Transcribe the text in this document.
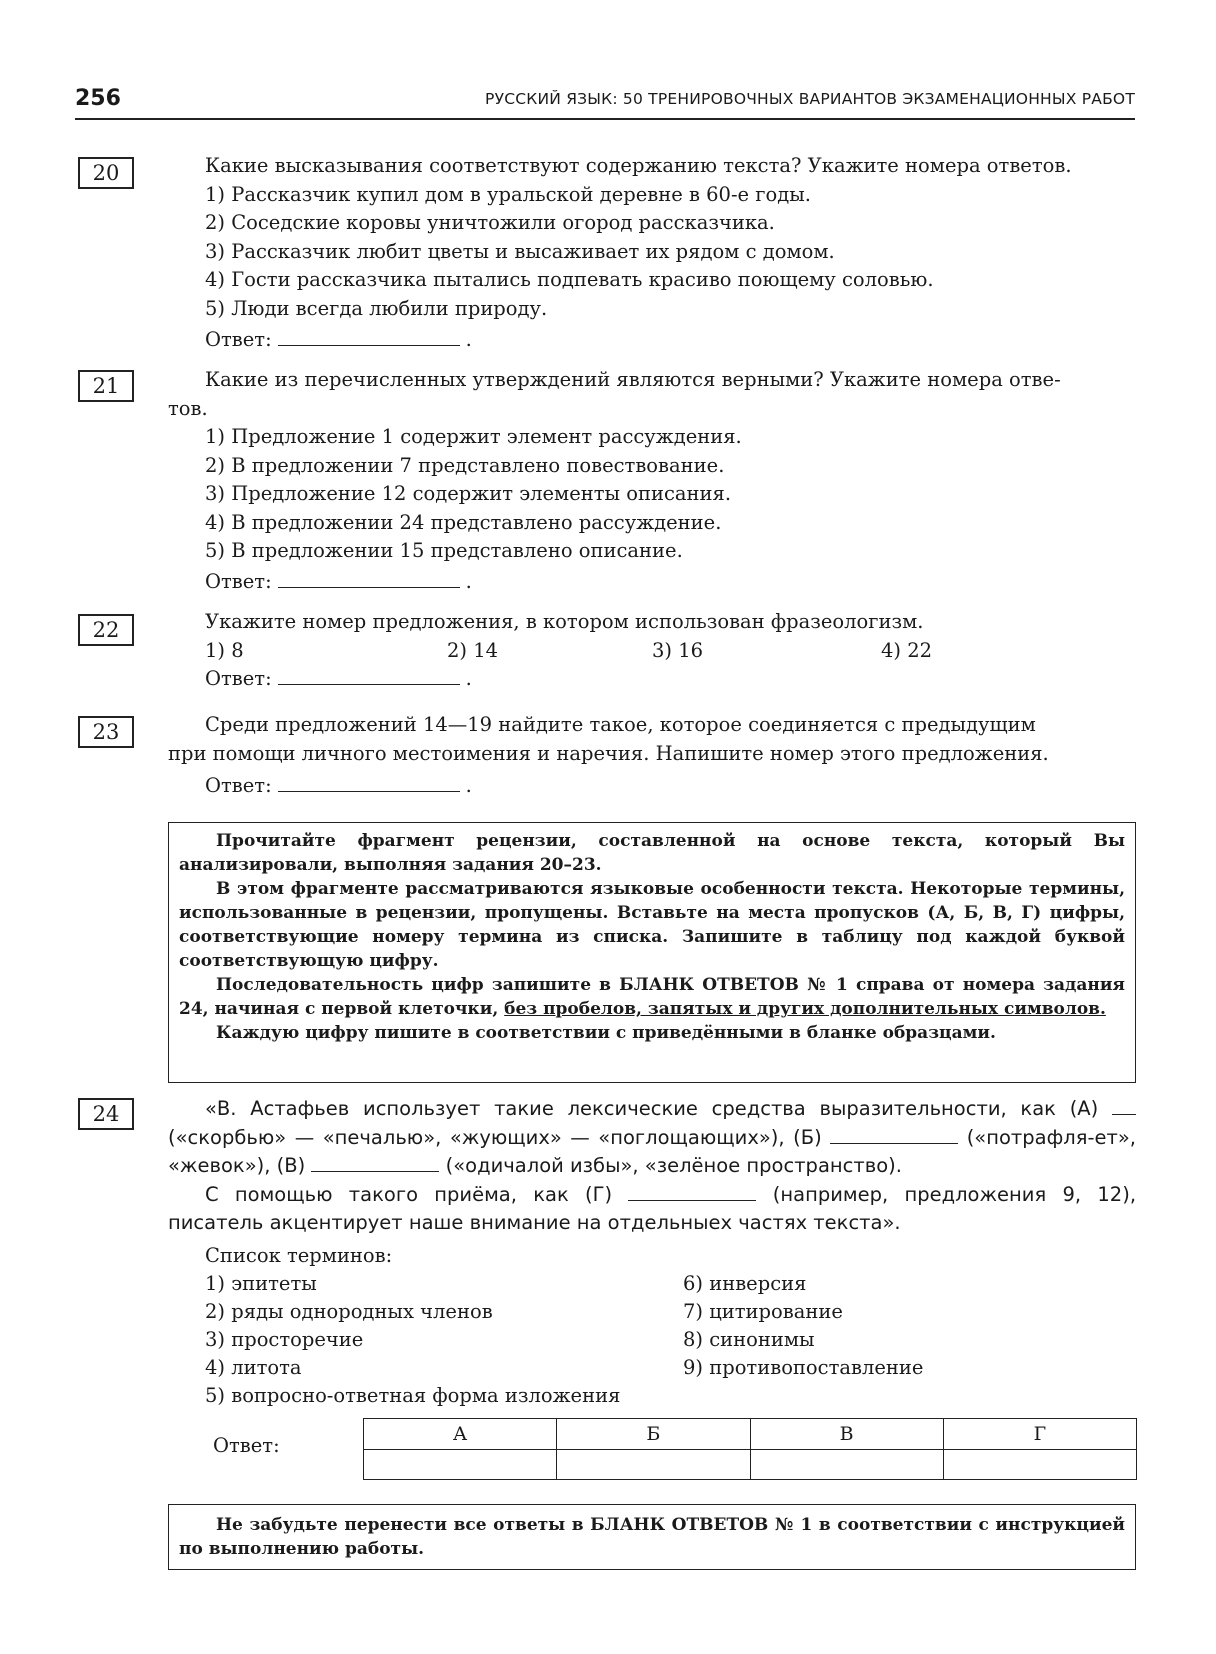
256	РУССКИЙ ЯЗЫК: 50 ТРЕНИРОВОЧНЫХ ВАРИАНТОВ ЭКЗАМЕНАЦИОННЫХ РАБОТ
20	Какие высказывания соответствуют содержанию текста? Укажите номера ответов.
1) Рассказчик купил дом в уральской деревне в 60-е годы.
2) Соседские коровы уничтожили огород рассказчика.
3) Рассказчик любит цветы и высаживает их рядом с домом.
4) Гости рассказчика пытались подпевать красиво поющему соловью.
5) Люди всегда любили природу.
Ответ:	.
21	Какие из перечисленных утверждений являются верными? Укажите номера отве-
тов.
1) Предложение 1 содержит элемент рассуждения.
2) В предложении 7 представлено повествование.
3) Предложение 12 содержит элементы описания.
4) В предложении 24 представлено рассуждение.
5) В предложении 15 представлено описание.
Ответ:	.
22	Укажите номер предложения, в котором использован фразеологизм.
1) 8	2) 14	3) 16	4) 22
Ответ:	.
23	Среди предложений 14—19 найдите такое, которое соединяется с предыдущим
при помощи личного местоимения и наречия. Напишите номер этого предложения.
Ответ:	.

Прочитайте фрагмент рецензии, составленной на основе текста, который Вы анализировали, выполняя задания 20–23.

В этом фрагменте рассматриваются языковые особенности текста. Некоторые термины, использованные в рецензии, пропущены. Вставьте на места пропусков (А, Б, В, Г) цифры, соответствующие номеру термина из списка. Запишите в таблицу под каждой буквой соответствующую цифру.

Последовательность цифр запишите в БЛАНК ОТВЕТОВ № 1 справа от номера задания 24, начиная с первой клеточки, без пробелов, запятых и других дополнительных символов.

Каждую цифру пишите в соответствии с приведёнными в бланке образцами.

24	«В. Астафьев использует такие лексические средства выразительности, как (А)  («скорбью» — «печалью», «жующих» — «поглощающих»), (Б)	(«потрафля-ет», «жевок»), (В)	(«одичалой избы», «зелёное пространство).
С помощью такого приёма, как (Г)	(например, предложения 9, 12), писатель акцентирует наше внимание на отдельныех частях текста».
Список терминов:
1) эпитеты
2) ряды однородных членов
3) просторечие
4) литота
5) вопросно-ответная форма изложения
6) инверсия
7) цитирование
8) синонимы
9) противопоставление
Ответ:
А	Б	В	Г

Не забудьте перенести все ответы в БЛАНК ОТВЕТОВ № 1 в соответствии с инструкцией по выполнению работы.
